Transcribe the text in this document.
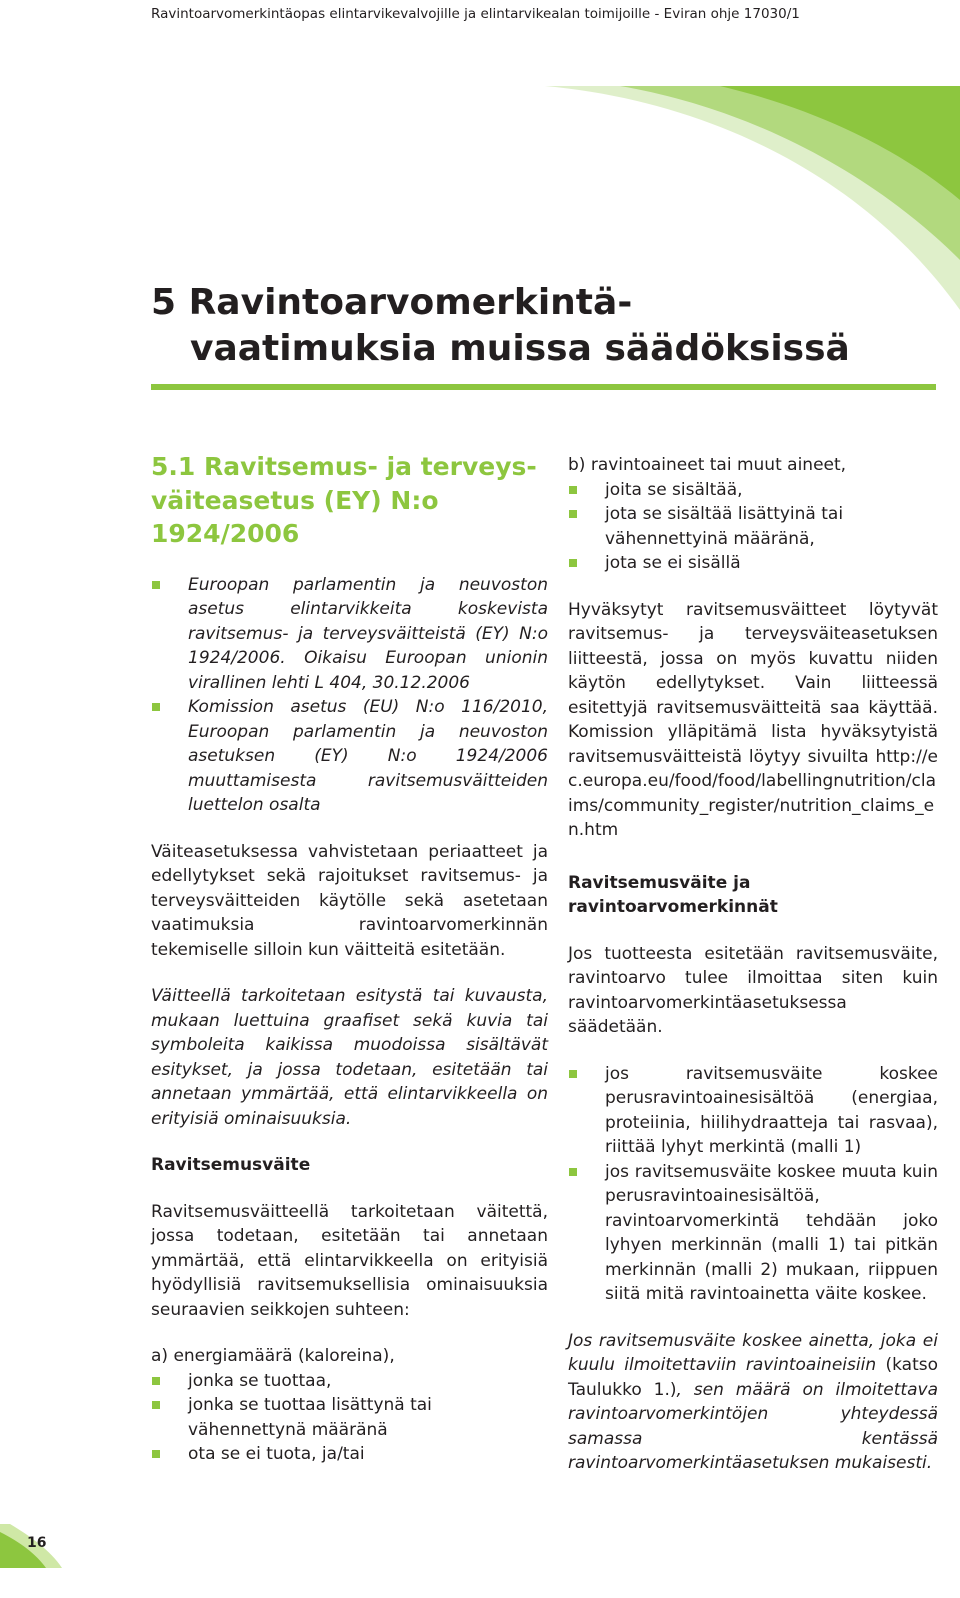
Ravintoarvomerkintäopas elintarvikevalvojille ja elintarvikealan toimijoille - Eviran ohje 17030/1
5 Ravintoarvomerkintä-
vaatimuksia muissa säädöksissä
5.1 Ravitsemus- ja terveys-
väiteasetus (EY) N:o
1924/2006
Euroopan parlamentin ja neuvoston asetus elintarvikkeita koskevista ravitsemus- ja terveysväitteistä (EY) N:o 1924/2006. Oikaisu Euroopan unionin virallinen lehti L 404, 30.12.2006
Komission asetus (EU) N:o 116/2010, Euroopan parlamentin ja neuvoston asetuksen (EY) N:o 1924/2006 muuttamisesta ravitsemusväitteiden luettelon osalta

Väiteasetuksessa vahvistetaan periaatteet ja edellytykset sekä rajoitukset ravitsemus- ja terveysväitteiden käytölle sekä asetetaan vaatimuksia ravintoarvomerkinnän tekemiselle silloin kun väitteitä esitetään.

Väitteellä tarkoitetaan esitystä tai kuvausta, mukaan luettuina graafiset sekä kuvia tai symboleita kaikissa muodoissa sisältävät esitykset, ja jossa todetaan, esitetään tai annetaan ymmärtää, että elintarvikkeella on erityisiä ominaisuuksia.

Ravitsemusväite

Ravitsemusväitteellä tarkoitetaan väitettä, jossa todetaan, esitetään tai annetaan ymmärtää, että elintarvikkeella on erityisiä hyödyllisiä ravitsemuksellisia ominaisuuksia seuraavien seikkojen suhteen:

a) energiamäärä (kaloreina),

jonka se tuottaa,
jonka se tuottaa lisättynä tai vähennettynä määränä
ota se ei tuota, ja/tai

b) ravintoaineet tai muut aineet,

joita se sisältää,
jota se sisältää lisättyinä tai vähennettyinä määränä,
jota se ei sisällä

Hyväksytyt ravitsemusväitteet löytyvät ravitsemus- ja terveysväiteasetuksen liitteestä, jossa on myös kuvattu niiden käytön edellytykset. Vain liitteessä esitettyjä ravitsemusväitteitä saa käyttää. Komission ylläpitämä lista hyväksytyistä ravitsemusväitteistä löytyy sivuilta http://ec.europa.eu/food/food/labellingnutrition/claims/community_register/nutrition_claims_en.htm

Ravitsemusväite ja ravintoarvomerkinnät

Jos tuotteesta esitetään ravitsemusväite, ravintoarvo tulee ilmoittaa siten kuin ravintoarvomerkintäasetuksessa säädetään.

jos ravitsemusväite koskee perusravintoainesisältöä (energiaa, proteiinia, hiilihydraatteja tai rasvaa), riittää lyhyt merkintä (malli 1)
jos ravitsemusväite koskee muuta kuin perusravintoainesisältöä, ravintoarvomerkintä tehdään joko lyhyen merkinnän (malli 1) tai pitkän merkinnän (malli 2) mukaan, riippuen siitä mitä ravintoainetta väite koskee.

Jos ravitsemusväite koskee ainetta, joka ei kuulu ilmoitettaviin ravintoaineisiin (katso Taulukko 1.), sen määrä on ilmoitettava ravintoarvomerkintöjen yhteydessä samassa kentässä ravintoarvomerkintäasetuksen mukaisesti.

16
